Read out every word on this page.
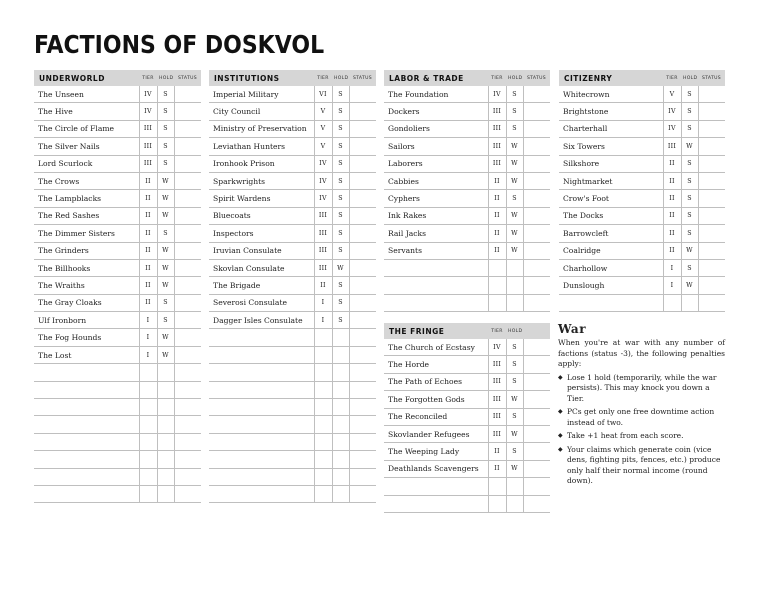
FACTIONS OF DOSKVOL
UNDERWORLD	TIER	HOLD	STATUS
The Unseen	IV	S	
The Hive	IV	S	
The Circle of Flame	III	S	
The Silver Nails	III	S	
Lord Scurlock	III	S	
The Crows	II	W	
The Lampblacks	II	W	
The Red Sashes	II	W	
The Dimmer Sisters	II	S	
The Grinders	II	W	
The Billhooks	II	W	
The Wraiths	II	W	
The Gray Cloaks	II	S	
Ulf Ironborn	I	S	
The Fog Hounds	I	W	
The Lost	I	W	

INSTITUTIONS	TIER	HOLD	STATUS
Imperial Military	VI	S	
City Council	V	S	
Ministry of Preservation	V	S	
Leviathan Hunters	V	S	
Ironhook Prison	IV	S	
Sparkwrights	IV	S	
Spirit Wardens	IV	S	
Bluecoats	III	S	
Inspectors	III	S	
Iruvian Consulate	III	S	
Skovlan Consulate	III	W	
The Brigade	II	S	
Severosi Consulate	I	S	
Dagger Isles Consulate	I	S	

LABOR & TRADE	TIER	HOLD	STATUS
The Foundation	IV	S	
Dockers	III	S	
Gondoliers	III	S	
Sailors	III	W	
Laborers	III	W	
Cabbies	II	W	
Cyphers	II	S	
Ink Rakes	II	W	
Rail Jacks	II	W	
Servants	II	W	

CITIZENRY	TIER	HOLD	STATUS
Whitecrown	V	S	
Brightstone	IV	S	
Charterhall	IV	S	
Six Towers	III	W	
Silkshore	II	S	
Nightmarket	II	S	
Crow's Foot	II	S	
The Docks	II	S	
Barrowcleft	II	S	
Coalridge	II	W	
Charhollow	I	S	
Dunslough	I	W	

THE FRINGE	TIER	HOLD	
The Church of Ecstasy	IV	S	
The Horde	III	S	
The Path of Echoes	III	S	
The Forgotten Gods	III	W	
The Reconciled	III	S	
Skovlander Refugees	III	W	
The Weeping Lady	II	S	
Deathlands Scavengers	II	W	

War

When you're at war with any number of factions (status -3), the following penalties apply:

◆ Lose 1 hold (temporarily, while the war persists). This may knock you down a Tier.
◆ PCs get only one free downtime action instead of two.
◆ Take +1 heat from each score.
◆ Your claims which generate coin (vice dens, fighting pits, fences, etc.) produce only half their normal income (round down).
